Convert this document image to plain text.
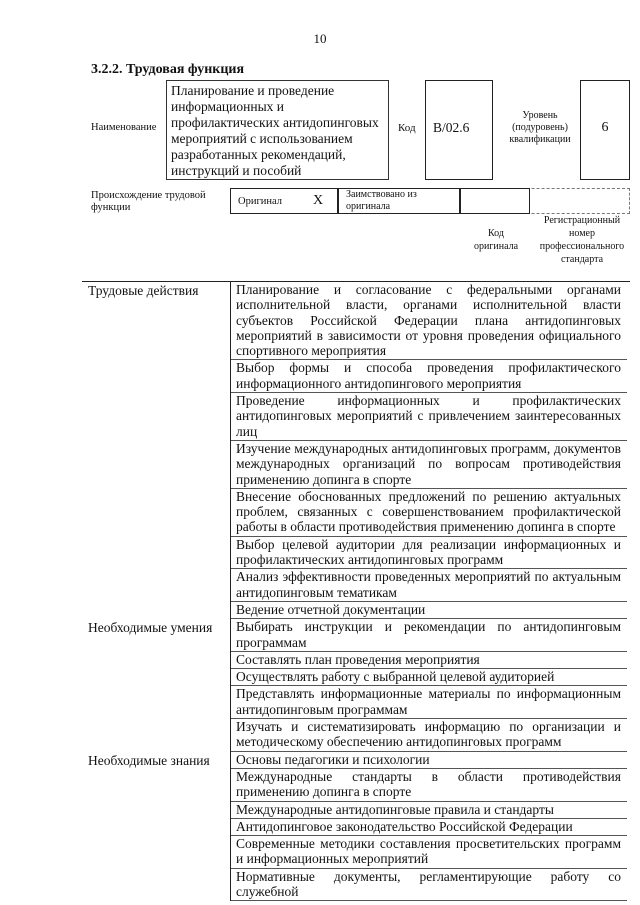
10
3.2.2. Трудовая функция
Наименование
Планирование и проведение информационных и профилактических антидопинговых мероприятий с использованием разработанных рекомендаций, инструкций и пособий
Код B/02.6
Уровень (подуровень) квалификации
6
Происхождение трудовой функции
Оригинал X Заимствовано из оригинала
Код оригинала
Регистрационный номер профессионального стандарта
Трудовые действия	Планирование и согласование с федеральными органами исполнительной власти, органами исполнительной власти субъектов Российской Федерации плана антидопинговых мероприятий в зависимости от уровня проведения официального спортивного мероприятия
Выбор формы и способа проведения профилактического информационного антидопингового мероприятия
Проведение информационных и профилактических антидопинговых мероприятий с привлечением заинтересованных лиц
Изучение международных антидопинговых программ, документов международных организаций по вопросам противодействия применению допинга в спорте
Внесение обоснованных предложений по решению актуальных проблем, связанных с совершенствованием профилактической работы в области противодействия применению допинга в спорте
Выбор целевой аудитории для реализации информационных и профилактических антидопинговых программ
Анализ эффективности проведенных мероприятий по актуальным антидопинговым тематикам
Ведение отчетной документации
Необходимые умения	Выбирать инструкции и рекомендации по антидопинговым программам
Составлять план проведения мероприятия
Осуществлять работу с выбранной целевой аудиторией
Представлять информационные материалы по информационным антидопинговым программам
Изучать и систематизировать информацию по организации и методическому обеспечению антидопинговых программ
Необходимые знания	Основы педагогики и психологии
Международные стандарты в области противодействия применению допинга в спорте
Международные антидопинговые правила и стандарты
Антидопинговое законодательство Российской Федерации
Современные методики составления просветительских программ и информационных мероприятий
Нормативные документы, регламентирующие работу со служебной
